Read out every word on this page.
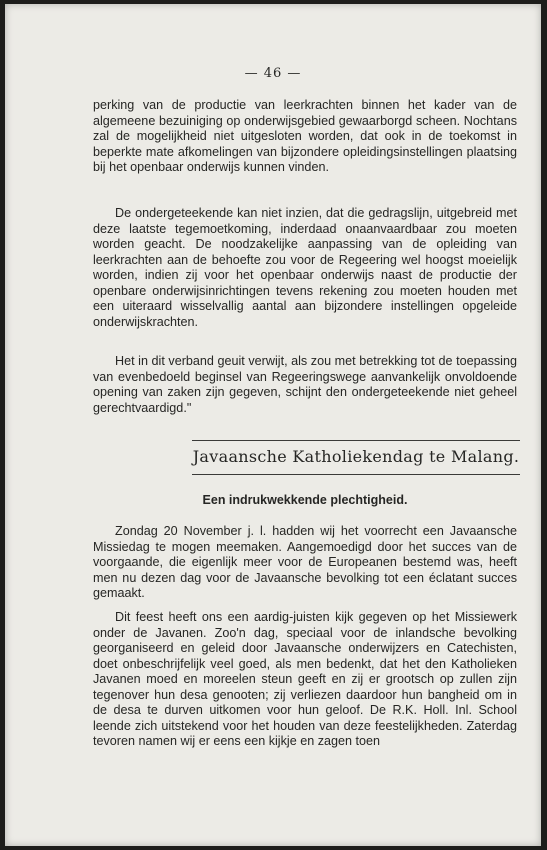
— 46 —

perking van de productie van leerkrachten binnen het kader van de algemeene bezuiniging op onderwijsgebied gewaarborgd scheen. Nochtans zal de mogelijkheid niet uitgesloten worden, dat ook in de toekomst in beperkte mate afkomelingen van bijzondere opleidingsinstellingen plaatsing bij het openbaar onderwijs kunnen vinden.

De ondergeteekende kan niet inzien, dat die gedragslijn, uitgebreid met deze laatste tegemoetkoming, inderdaad onaanvaardbaar zou moeten worden geacht. De noodzakelijke aanpassing van de opleiding van leerkrachten aan de behoefte zou voor de Regeering wel hoogst moeielijk worden, indien zij voor het openbaar onderwijs naast de productie der openbare onderwijsinrichtingen tevens rekening zou moeten houden met een uiteraard wisselvallig aantal aan bijzondere instellingen opgeleide onderwijskrachten.

Het in dit verband geuit verwijt, als zou met betrekking tot de toepassing van evenbedoeld beginsel van Regeeringswege aanvankelijk onvoldoende opening van zaken zijn gegeven, schijnt den ondergeteekende niet geheel gerechtvaardigd."

Javaansche Katholiekendag te Malang.
Een indrukwekkende plechtigheid.

Zondag 20 November j. l. hadden wij het voorrecht een Javaansche Missiedag te mogen meemaken. Aangemoedigd door het succes van de voorgaande, die eigenlijk meer voor de Europeanen bestemd was, heeft men nu dezen dag voor de Javaansche bevolking tot een éclatant succes gemaakt.

Dit feest heeft ons een aardig-juisten kijk gegeven op het Missiewerk onder de Javanen. Zoo'n dag, speciaal voor de inlandsche bevolking georganiseerd en geleid door Javaansche onderwijzers en Catechisten, doet onbeschrijfelijk veel goed, als men bedenkt, dat het den Katholieken Javanen moed en moreelen steun geeft en zij er grootsch op zullen zijn tegenover hun desa genooten; zij verliezen daardoor hun bangheid om in de desa te durven uitkomen voor hun geloof. De R.K. Holl. Inl. School leende zich uitstekend voor het houden van deze feestelijkheden. Zaterdag tevoren namen wij er eens een kijkje en zagen toen
